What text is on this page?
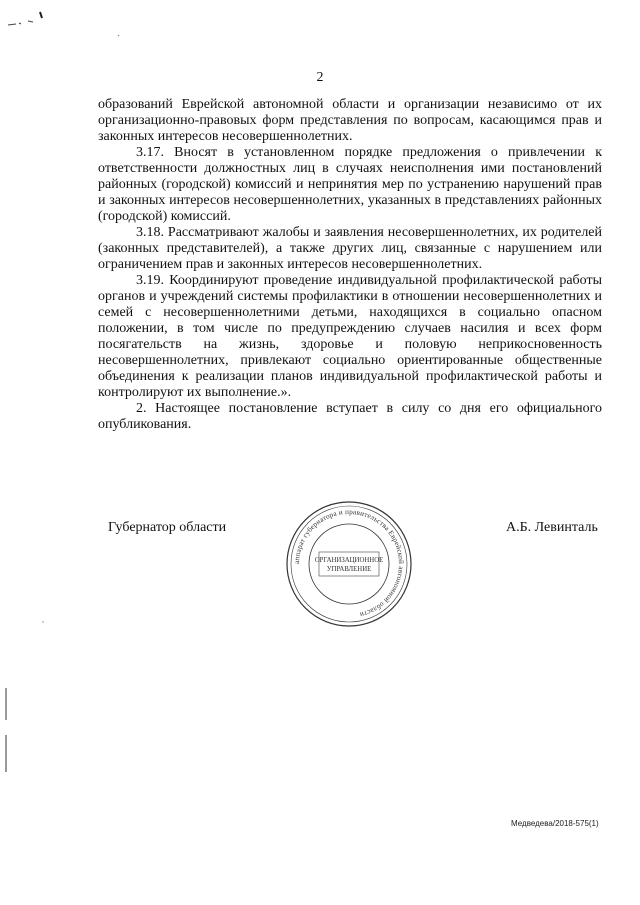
2

образований Еврейской автономной области и организации независимо от их организационно-правовых форм представления по вопросам, касающимся прав и законных интересов несовершеннолетних.

3.17. Вносят в установленном порядке предложения о привлечении к ответственности должностных лиц в случаях неисполнения ими постановлений районных (городской) комиссий и непринятия мер по устранению нарушений прав и законных интересов несовершеннолетних, указанных в представлениях районных (городской) комиссий.

3.18. Рассматривают жалобы и заявления несовершеннолетних, их родителей (законных представителей), а также других лиц, связанные с нарушением или ограничением прав и законных интересов несовершеннолетних.

3.19. Координируют проведение индивидуальной профилактической работы органов и учреждений системы профилактики в отношении несовершеннолетних и семей с несовершеннолетними детьми, находящихся в социально опасном положении, в том числе по предупреждению случаев насилия и всех форм посягательств на жизнь, здоровье и половую неприкосновенность несовершеннолетних, привлекают социально ориентированные общественные объединения к реализации планов индивидуальной профилактической работы и контролируют их выполнение.».

2. Настоящее постановление вступает в силу со дня его официального опубликования.

Губернатор области
аппарат губернатора и правительства Еврейской автономной области
ОРГАНИЗАЦИОННОЕ
УПРАВЛЕНИЕ
А.Б. Левинталь
Медведева/2018-575(1)
